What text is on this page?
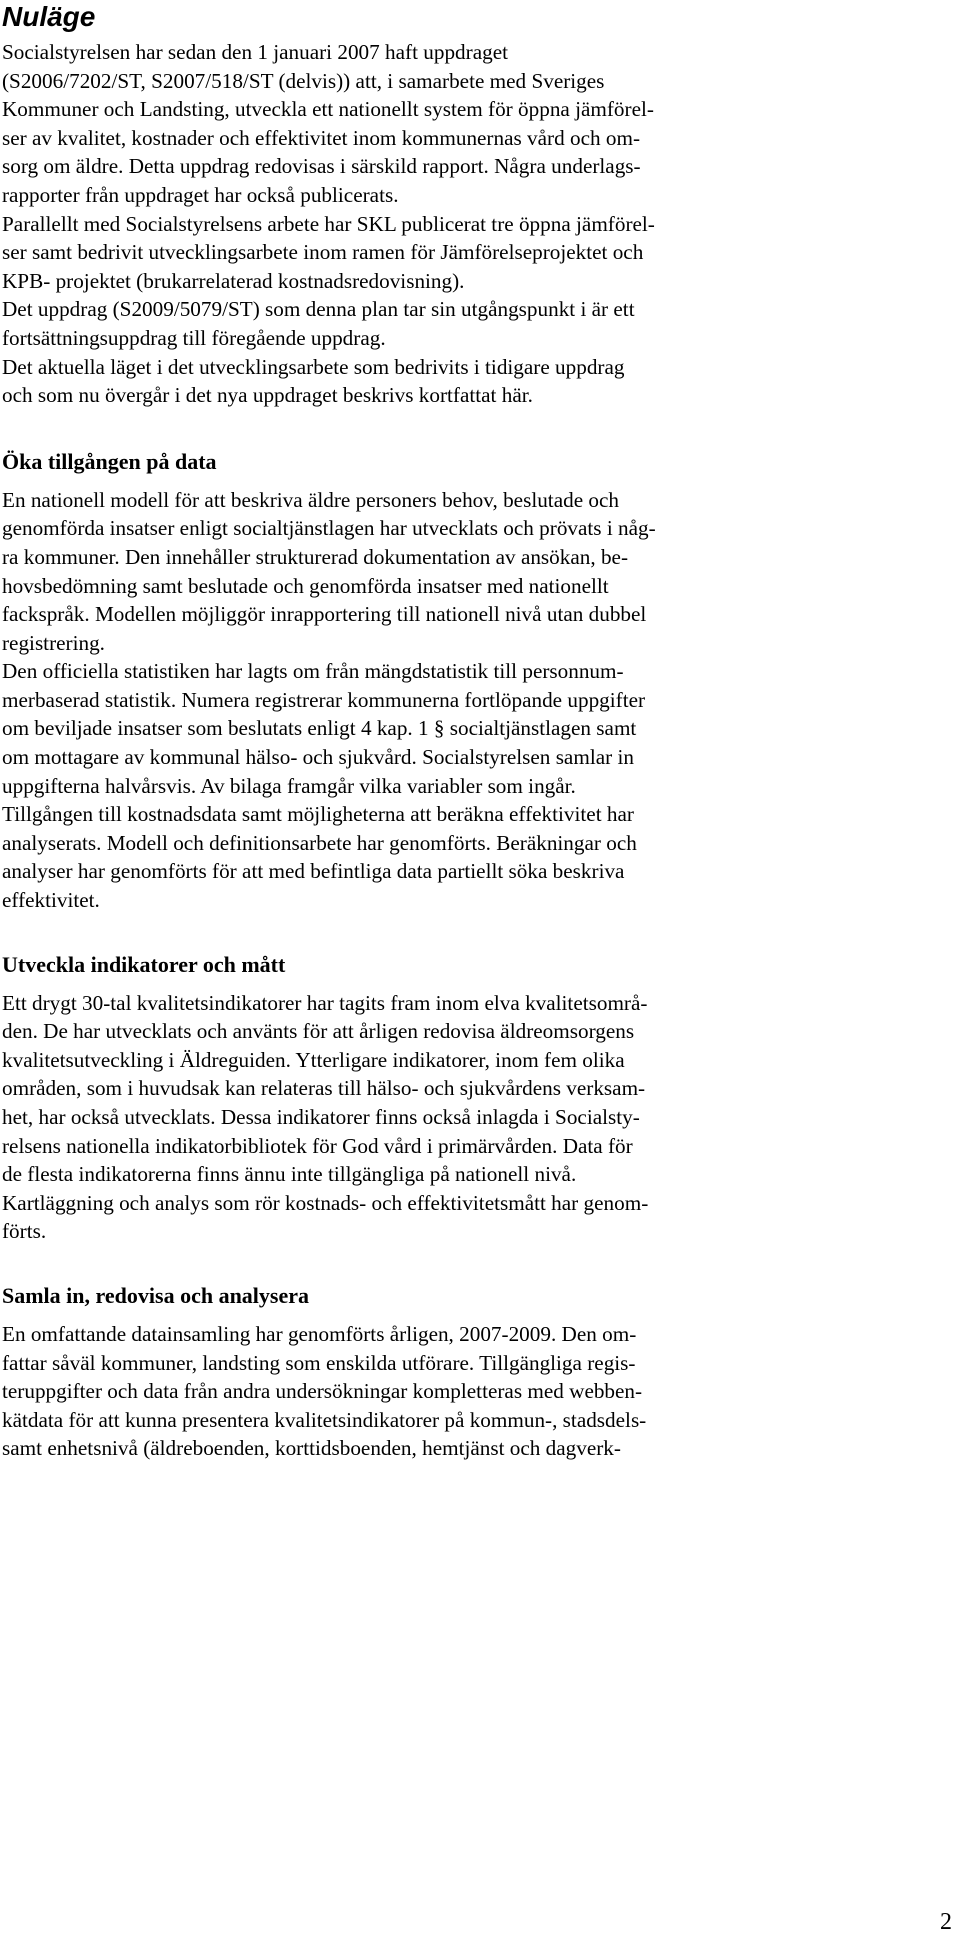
Nuläge

Socialstyrelsen har sedan den 1 januari 2007 haft uppdraget
(S2006/7202/ST, S2007/518/ST (delvis)) att, i samarbete med Sveriges
Kommuner och Landsting, utveckla ett nationellt system för öppna jämförel-
ser av kvalitet, kostnader och effektivitet inom kommunernas vård och om-
sorg om äldre. Detta uppdrag redovisas i särskild rapport. Några underlags-
rapporter från uppdraget har också publicerats.

Parallellt med Socialstyrelsens arbete har SKL publicerat tre öppna jämförel-
ser samt bedrivit utvecklingsarbete inom ramen för Jämförelseprojektet och
KPB- projektet (brukarrelaterad kostnadsredovisning).

Det uppdrag (S2009/5079/ST) som denna plan tar sin utgångspunkt i är ett
fortsättningsuppdrag till föregående uppdrag.

Det aktuella läget i det utvecklingsarbete som bedrivits i tidigare uppdrag
och som nu övergår i det nya uppdraget beskrivs kortfattat här.

Öka tillgången på data

En nationell modell för att beskriva äldre personers behov, beslutade och
genomförda insatser enligt socialtjänstlagen har utvecklats och prövats i någ-
ra kommuner. Den innehåller strukturerad dokumentation av ansökan, be-
hovsbedömning samt beslutade och genomförda insatser med nationellt
fackspråk. Modellen möjliggör inrapportering till nationell nivå utan dubbel
registrering.

Den officiella statistiken har lagts om från mängdstatistik till personnum-
merbaserad statistik. Numera registrerar kommunerna fortlöpande uppgifter
om beviljade insatser som beslutats enligt 4 kap. 1 § socialtjänstlagen samt
om mottagare av kommunal hälso- och sjukvård. Socialstyrelsen samlar in
uppgifterna halvårsvis. Av bilaga framgår vilka variabler som ingår.

Tillgången till kostnadsdata samt möjligheterna att beräkna effektivitet har
analyserats. Modell och definitionsarbete har genomförts. Beräkningar och
analyser har genomförts för att med befintliga data partiellt söka beskriva
effektivitet.

Utveckla indikatorer och mått

Ett drygt 30-tal kvalitetsindikatorer har tagits fram inom elva kvalitetsområ-
den. De har utvecklats och använts för att årligen redovisa äldreomsorgens
kvalitetsutveckling i Äldreguiden. Ytterligare indikatorer, inom fem olika
områden, som i huvudsak kan relateras till hälso- och sjukvårdens verksam-
het, har också utvecklats. Dessa indikatorer finns också inlagda i Socialsty-
relsens nationella indikatorbibliotek för God vård i primärvården. Data för
de flesta indikatorerna finns ännu inte tillgängliga på nationell nivå.

Kartläggning och analys som rör kostnads- och effektivitetsmått har genom-
förts.

Samla in, redovisa och analysera

En omfattande datainsamling har genomförts årligen, 2007-2009. Den om-
fattar såväl kommuner, landsting som enskilda utförare. Tillgängliga regis-
teruppgifter och data från andra undersökningar kompletteras med webben-
kätdata för att kunna presentera kvalitetsindikatorer på kommun-, stadsdels-
samt enhetsnivå (äldreboenden, korttidsboenden, hemtjänst och dagverk-

2
